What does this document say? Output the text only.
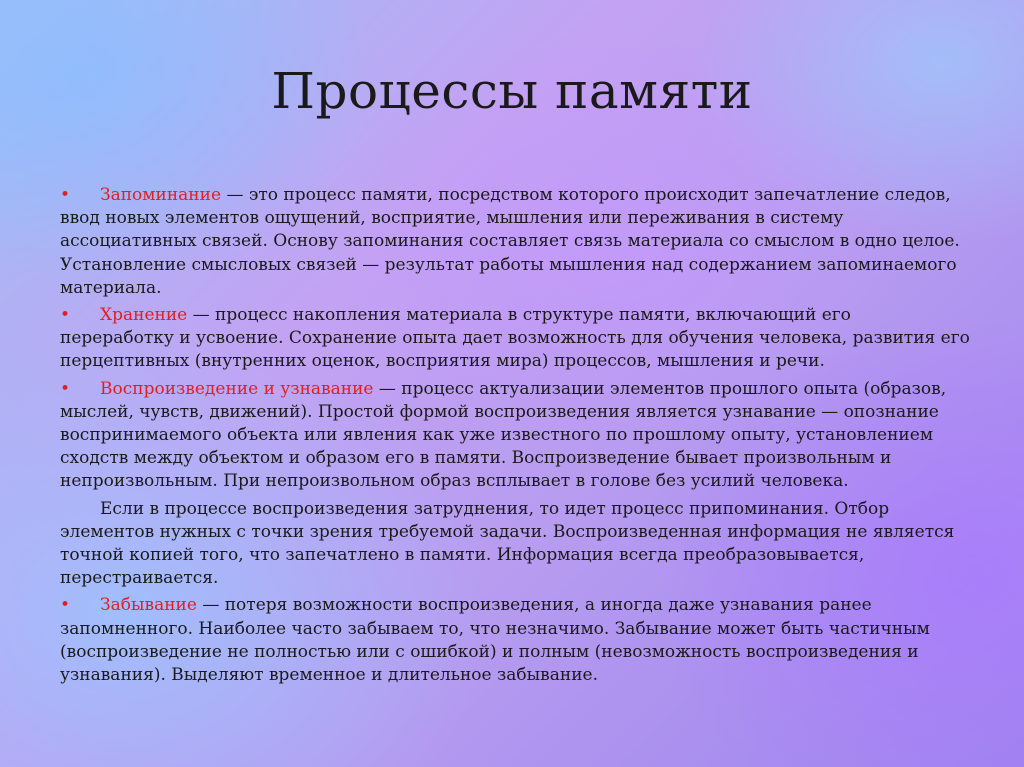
Процессы памяти

• Запоминание — это процесс памяти, посредством которого происходит запечатление следов, ввод новых элементов ощущений, восприятие, мышления или переживания в систему ассоциативных связей. Основу запоминания составляет связь материала со смыслом в одно целое. Установление смысловых связей — результат работы мышления над содержанием запоминаемого материала.

• Хранение — процесс накопления материала в структуре памяти, включающий его переработку и усвоение. Сохранение опыта дает возможность для обучения человека, развития его перцептивных (внутренних оценок, восприятия мира) процессов, мышления и речи.

• Воспроизведение и узнавание — процесс актуализации элементов прошлого опыта (образов, мыслей, чувств, движений). Простой формой воспроизведения является узнавание — опознание воспринимаемого объекта или явления как уже известного по прошлому опыту, установлением сходств между объектом и образом его в памяти. Воспроизведение бывает произвольным и непроизвольным. При непроизвольном образ всплывает в голове без усилий человека.

Если в процессе воспроизведения затруднения, то идет процесс припоминания. Отбор элементов нужных с точки зрения требуемой задачи. Воспроизведенная информация не является точной копией того, что запечатлено в памяти. Информация всегда преобразовывается, перестраивается.

• Забывание — потеря возможности воспроизведения, а иногда даже узнавания ранее запомненного. Наиболее часто забываем то, что незначимо. Забывание может быть частичным (воспроизведение не полностью или с ошибкой) и полным (невозможность воспроизведения и узнавания). Выделяют временное и длительное забывание.
